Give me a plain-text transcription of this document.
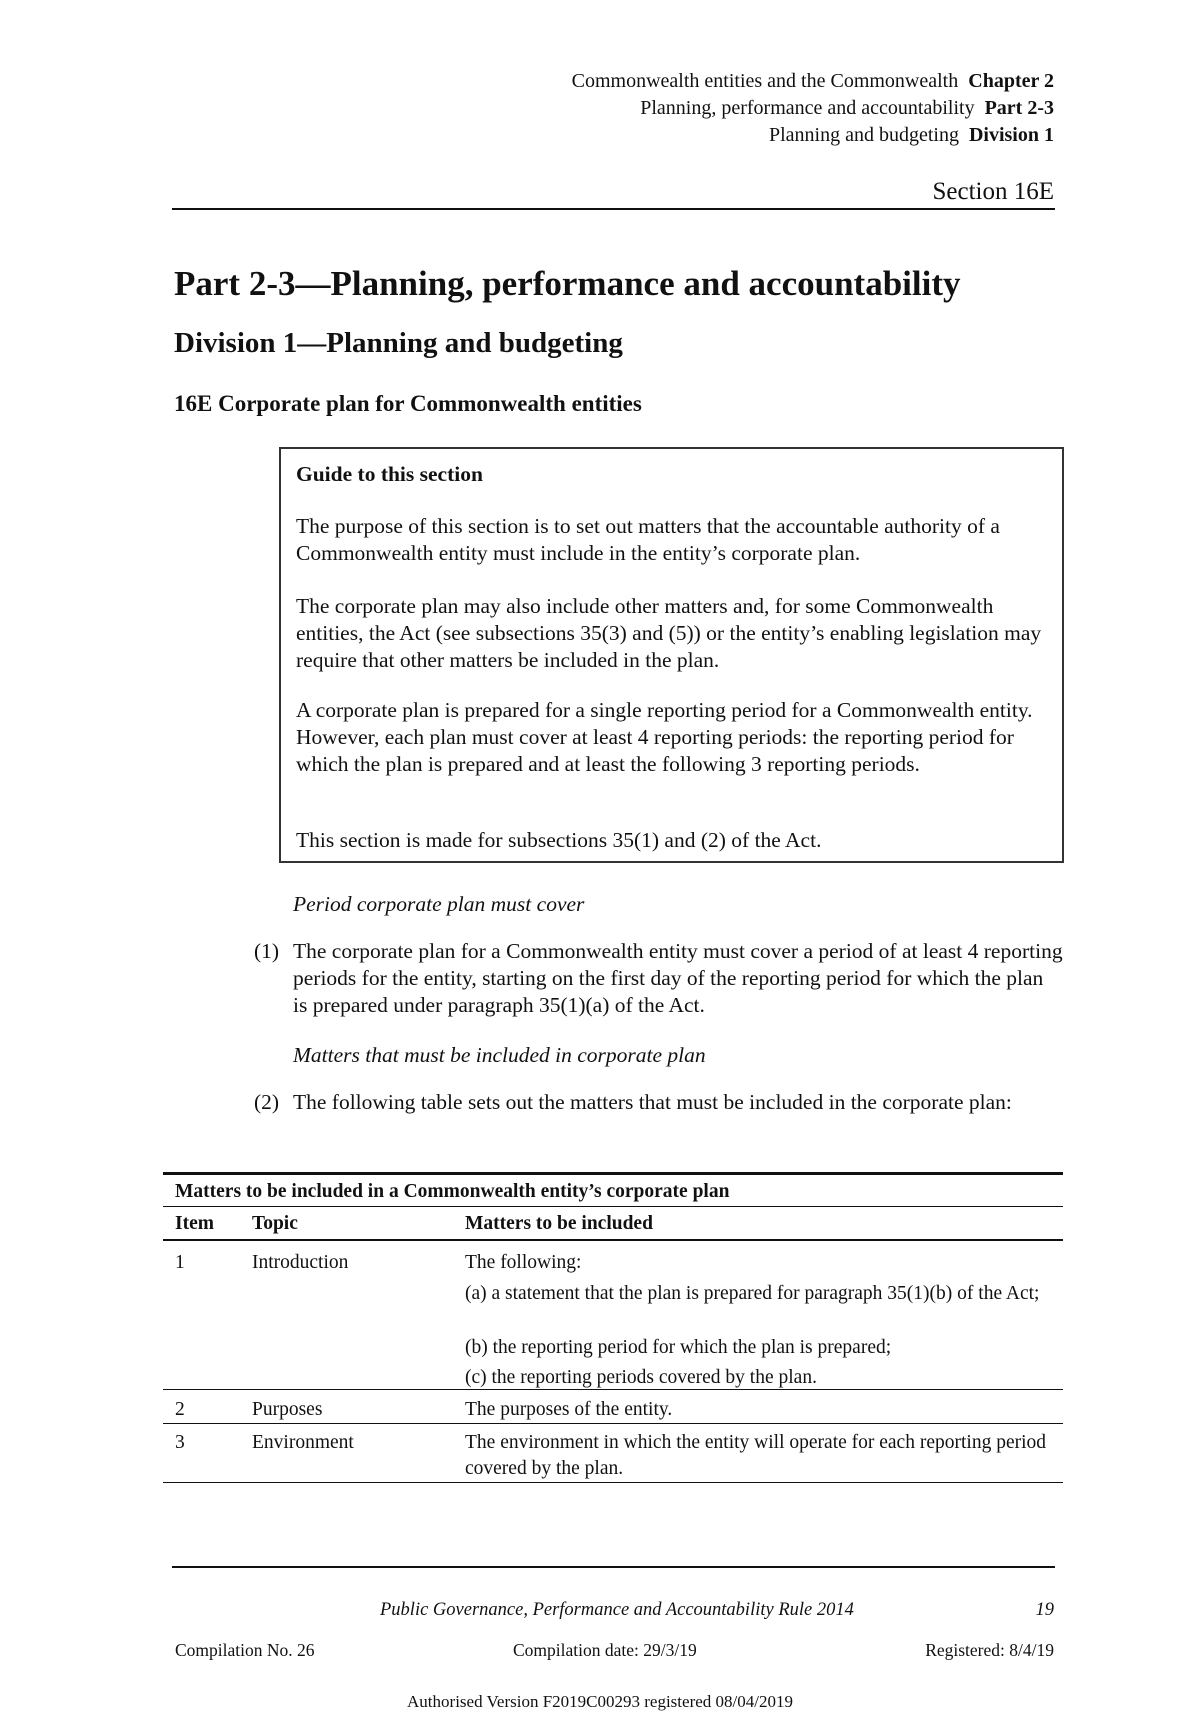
Commonwealth entities and the Commonwealth Chapter 2
Planning, performance and accountability Part 2-3
Planning and budgeting Division 1
Section 16E
Part 2-3—Planning, performance and accountability
Division 1—Planning and budgeting
16E Corporate plan for Commonwealth entities
Guide to this section
The purpose of this section is to set out matters that the accountable authority of a Commonwealth entity must include in the entity’s corporate plan.
The corporate plan may also include other matters and, for some Commonwealth entities, the Act (see subsections 35(3) and (5)) or the entity’s enabling legislation may require that other matters be included in the plan.
A corporate plan is prepared for a single reporting period for a Commonwealth entity. However, each plan must cover at least 4 reporting periods: the reporting period for which the plan is prepared and at least the following 3 reporting periods.
This section is made for subsections 35(1) and (2) of the Act.
Period corporate plan must cover
(1) The corporate plan for a Commonwealth entity must cover a period of at least 4 reporting periods for the entity, starting on the first day of the reporting period for which the plan is prepared under paragraph 35(1)(a) of the Act.
Matters that must be included in corporate plan
(2) The following table sets out the matters that must be included in the corporate plan:
Matters to be included in a Commonwealth entity’s corporate plan
Item Topic	Matters to be included
1	Introduction	The following:
(a) a statement that the plan is prepared for paragraph 35(1)(b) of the Act;
(b) the reporting period for which the plan is prepared;
(c) the reporting periods covered by the plan.
2	Purposes	The purposes of the entity.
3	Environment	The environment in which the entity will operate for each reporting period covered by the plan.
Public Governance, Performance and Accountability Rule 2014	19
Compilation No. 26	Compilation date: 29/3/19	Registered: 8/4/19
Authorised Version F2019C00293 registered 08/04/2019
